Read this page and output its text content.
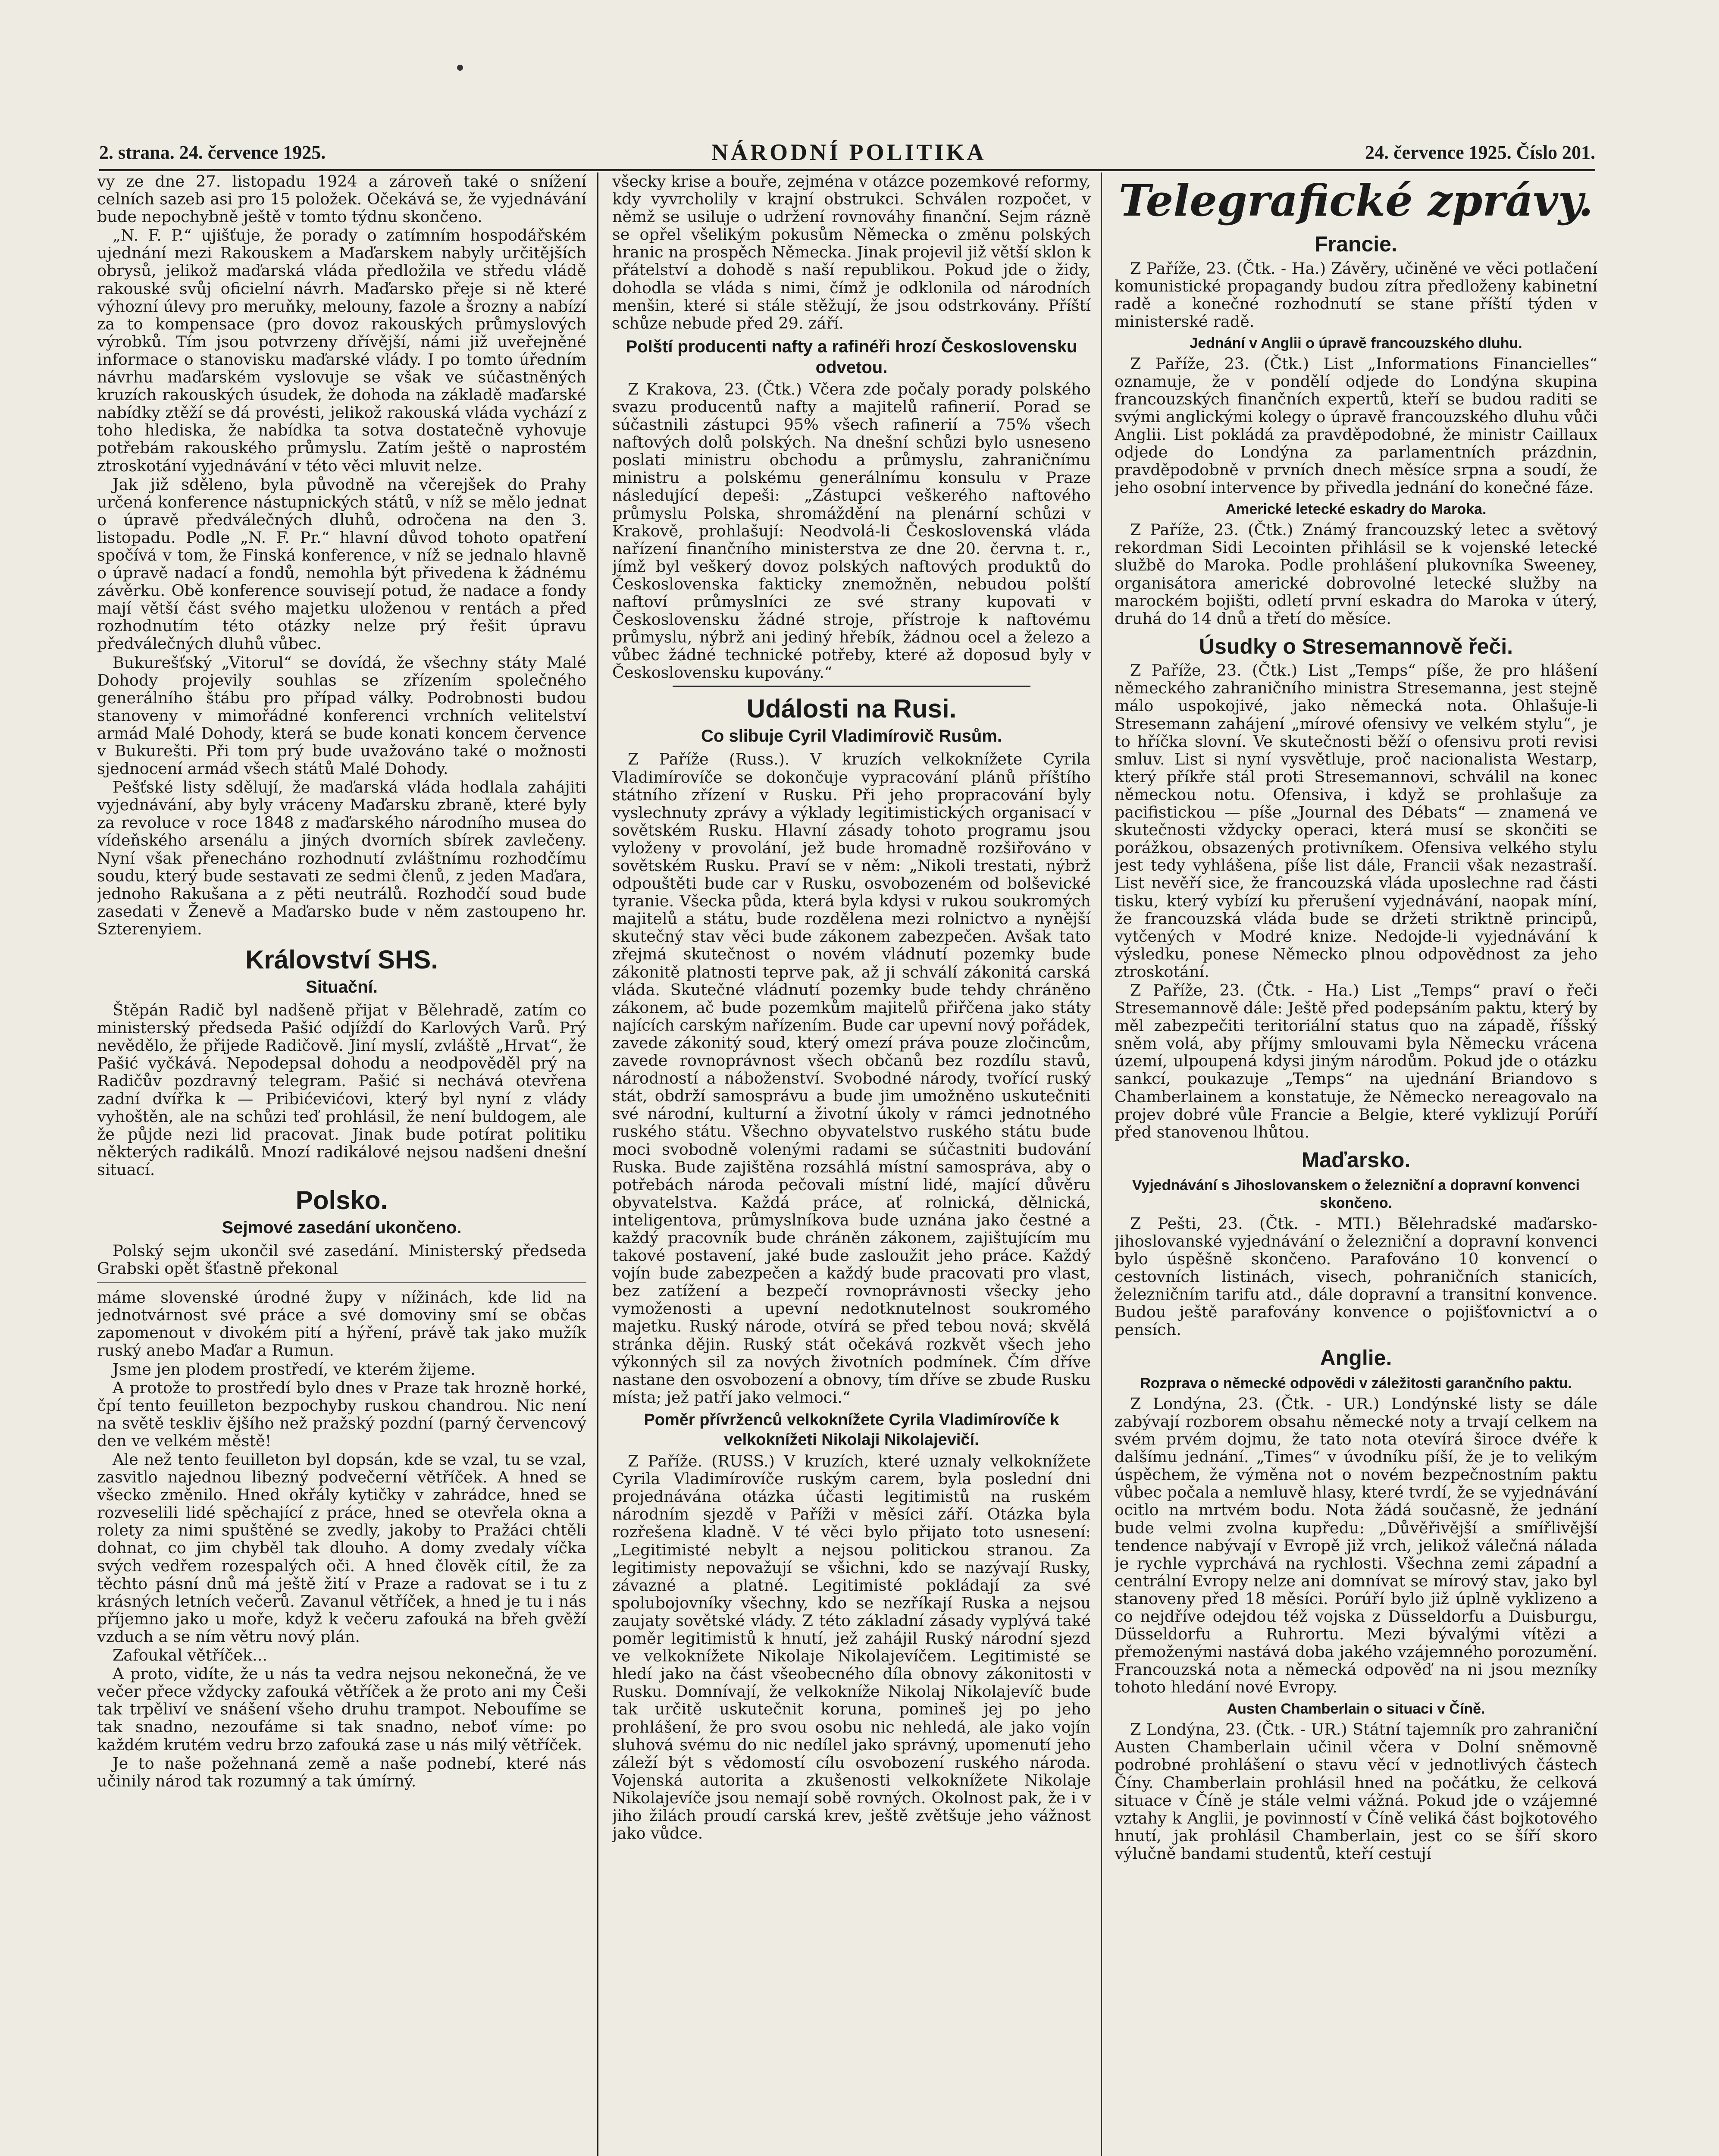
2. strana. 24. července 1925.	NÁRODNÍ POLITIKA	24. července 1925. Číslo 201.

vy ze dne 27. listopadu 1924 a zároveň také o snížení celních sazeb asi pro 15 položek. Očekává se, že vyjednávání bude nepochybně ještě v tomto týdnu skončeno.

„N. F. P.“ ujišťuje, že porady o zatímním hospodářském ujednání mezi Rakouskem a Maďarskem nabyly určitějších obrysů, jelikož maďarská vláda předložila ve středu vládě rakouské svůj oficielní návrh. Maďarsko přeje si ně které výhozní úlevy pro meruňky, melouny, fazole a šrozny a nabízí za to kompensace (pro dovoz rakouských průmyslových výrobků. Tím jsou potvrzeny dřívější, námi již uveřejněné informace o stanovisku maďarské vlády. I po tomto úředním návrhu maďarském vyslovuje se však ve súčastněných kruzích rakouských úsudek, že dohoda na základě maďarské nabídky ztěží se dá provésti, jelikož rakouská vláda vychází z toho hlediska, že nabídka ta sotva dostatečně vyhovuje potřebám rakouského průmyslu. Zatím ještě o naprostém ztroskotání vyjednávání v této věci mluvit nelze.

Jak již sděleno, byla původně na včerejšek do Prahy určená konference nástupnických států, v níž se mělo jednat o úpravě předválečných dluhů, odročena na den 3. listopadu. Podle „N. F. Pr.“ hlavní důvod tohoto opatření spočívá v tom, že Finská konference, v níž se jednalo hlavně o úpravě nadací a fondů, nemohla být přivedena k žádnému závěrku. Obě konference souvisejí potud, že nadace a fondy mají větší část svého majetku uloženou v rentách a před rozhodnutím této otázky nelze prý řešit úpravu předválečných dluhů vůbec.

Bukurešťský „Vitorul“ se dovídá, že všechny státy Malé Dohody projevily souhlas se zřízením společného generálního štábu pro případ války. Podrobnosti budou stanoveny v mimořádné konferenci vrchních velitelství armád Malé Dohody, která se bude konati koncem července v Bukurešti. Při tom prý bude uvažováno také o možnosti sjednocení armád všech států Malé Dohody.

Pešťské listy sdělují, že maďarská vláda hodlala zahájiti vyjednávání, aby byly vráceny Maďarsku zbraně, které byly za revoluce v roce 1848 z maďarského národního musea do vídeňského arsenálu a jiných dvorních sbírek zavlečeny. Nyní však přenecháno rozhodnutí zvláštnímu rozhodčímu soudu, který bude sestavati ze sedmi členů, z jeden Maďara, jednoho Rakušana a z pěti neutrálů. Rozhodčí soud bude zasedati v Ženevě a Maďarsko bude v něm zastoupeno hr. Szterenyiem.

Království SHS.
Situační.

Štěpán Radič byl nadšeně přijat v Bělehradě, zatím co ministerský předseda Pašić odjíždí do Karlových Varů. Prý nevědělo, že přijede Radičově. Jiní myslí, zvláště „Hrvat“, že Pašić vyčkává. Nepodepsal dohodu a neodpověděl prý na Radičův pozdravný telegram. Pašić si nechává otevřena zadní dvířka k — Pribićevićovi, který byl nyní z vlády vyhoštěn, ale na schůzi teď prohlásil, že není buldogem, ale že půjde nezi lid pracovat. Jinak bude potírat politiku některých radikálů. Mnozí radikálové nejsou nadšeni dnešní situací.

Polsko.
Sejmové zasedání ukončeno.

Polský sejm ukončil své zasedání. Ministerský předseda Grabski opět šťastně překonal

máme slovenské úrodné župy v nížinách, kde lid na jednotvárnost své práce a své domoviny smí se občas zapomenout v divokém pití a hýření, právě tak jako mužík ruský anebo Maďar a Rumun.

Jsme jen plodem prostředí, ve kterém žijeme.

A protože to prostředí bylo dnes v Praze tak hrozně horké, čpí tento feuilleton bezpochyby ruskou chandrou. Nic není na světě teskliv ějšího než pražský pozdní (parný červencový den ve velkém městě!

Ale než tento feuilleton byl dopsán, kde se vzal, tu se vzal, zasvitlo najednou libezný podvečerní větříček. A hned se všecko změnilo. Hned okřály kytičky v zahrádce, hned se rozveselili lidé spěchající z práce, hned se otevřela okna a rolety za nimi spuštěné se zvedly, jakoby to Pražáci chtěli dohnat, co jim chyběl tak dlouho. A domy zvedaly víčka svých vedřem rozespalých oči. A hned člověk cítil, že za těchto pásní dnů má ještě žití v Praze a radovat se i tu z krásných letních večerů. Zavanul větříček, a hned je tu i nás příjemno jako u moře, když k večeru zafouká na břeh gvěží vzduch a se ním větru nový plán.

Zafoukal větříček...

A proto, vidíte, že u nás ta vedra nejsou nekonečná, že ve večer přece vždycky zafouká větříček a že proto ani my Češi tak trpěliví ve snášení všeho druhu trampot. Neboufíme se tak snadno, nezoufáme si tak snadno, neboť víme: po každém krutém vedru brzo zafouká zase u nás milý větříček.

Je to naše požehnaná země a naše podnebí, které nás učinily národ tak rozumný a tak úmírný.

všecky krise a bouře, zejména v otázce pozemkové reformy, kdy vyvrcholily v krajní obstrukci. Schválen rozpočet, v němž se usiluje o udržení rovnováhy finanční. Sejm rázně se opřel všelikým pokusům Německa o změnu polských hranic na prospěch Německa. Jinak projevil již větší sklon k přátelství a dohodě s naší republikou. Pokud jde o židy, dohodla se vláda s nimi, čímž je odklonila od národních menšin, které si stále stěžují, že jsou odstrkovány. Příští schůze nebude před 29. září.

Polští producenti nafty a rafinéři hrozí Československu odvetou.

Z Krakova, 23. (Čtk.) Včera zde počaly porady polského svazu producentů nafty a majitelů rafinerií. Porad se súčastnili zástupci 95% všech rafinerií a 75% všech naftových dolů polských. Na dnešní schůzi bylo usneseno poslati ministru obchodu a průmyslu, zahraničnímu ministru a polskému generálnímu konsulu v Praze následující depeši: „Zástupci veškerého naftového průmyslu Polska, shromáždění na plenární schůzi v Krakově, prohlašují: Neodvolá-li Československá vláda nařízení finančního ministerstva ze dne 20. června t. r., jímž byl veškerý dovoz polských naftových produktů do Československa fakticky znemožněn, nebudou polští naftoví průmyslníci ze své strany kupovati v Československu žádné stroje, přístroje k naftovému průmyslu, nýbrž ani jediný hřebík, žádnou ocel a železo a vůbec žádné technické potřeby, které až doposud byly v Československu kupovány.“

Události na Rusi.
Co slibuje Cyril Vladimírovič Rusům.

Z Paříže (Russ.). V kruzích velkoknížete Cyrila Vladimírovíče se dokončuje vypracování plánů příštího státního zřízení v Rusku. Při jeho propracování byly vyslechnuty zprávy a výklady legitimistických organisací v sovětském Rusku. Hlavní zásady tohoto programu jsou vyloženy v provolání, jež bude hromadně rozšiřováno v sovětském Rusku. Praví se v něm: „Nikoli trestati, nýbrž odpouštěti bude car v Rusku, osvobozeném od bolševické tyranie. Všecka půda, která byla kdysi v rukou soukromých majitelů a státu, bude rozdělena mezi rolnictvo a nynější skutečný stav věci bude zákonem zabezpečen. Avšak tato zřejmá skutečnost o novém vládnutí pozemky bude zákonitě platnosti teprve pak, až ji schválí zákonitá carská vláda. Skutečné vládnutí pozemky bude tehdy chráněno zákonem, ač bude pozemkům majitelů přiřčena jako státy najících carským nařízením. Bude car upevní nový pořádek, zavede zákonitý soud, který omezí práva pouze zločincům, zavede rovnoprávnost všech občanů bez rozdílu stavů, národností a náboženství. Svobodné národy, tvořící ruský stát, obdrží samosprávu a bude jim umožněno uskutečniti své národní, kulturní a životní úkoly v rámci jednotného ruského státu. Všechno obyvatelstvo ruského státu bude moci svobodně volenými radami se súčastniti budování Ruska. Bude zajištěna rozsáhlá místní samospráva, aby o potřebách národa pečovali místní lidé, mající důvěru obyvatelstva. Každá práce, ať rolnická, dělnická, inteligentova, průmyslníkova bude uznána jako čestné a každý pracovník bude chráněn zákonem, zajištujícím mu takové postavení, jaké bude zasloužit jeho práce. Každý vojín bude zabezpečen a každý bude pracovati pro vlast, bez zatížení a bezpečí rovnoprávnosti všecky jeho vymoženosti a upevní nedotknutelnost soukromého majetku. Ruský národe, otvírá se před tebou nová; skvělá stránka dějin. Ruský stát očekává rozkvět všech jeho výkonných sil za nových životních podmínek. Čím dříve nastane den osvobození a obnovy, tím dříve se zbude Rusku místa; jež patří jako velmoci.“

Poměr přívrženců velkoknížete Cyrila Vladimírovíče k velkoknížeti Nikolaji Nikolajevičí.

Z Paříže. (RUSS.) V kruzích, které uznaly velkoknížete Cyrila Vladimírovíče ruským carem, byla poslední dni projednávána otázka účasti legitimistů na ruském národním sjezdě v Paříži v měsíci září. Otázka byla rozřešena kladně. V té věci bylo přijato toto usnesení: „Legitimisté nebylt a nejsou politickou stranou. Za legitimisty nepovažují se všichni, kdo se nazývají Rusky, závazné a platné. Legitimisté pokládají za své spolubojovníky všechny, kdo se nezříkají Ruska a nejsou zaujaty sovětské vlády. Z této základní zásady vyplývá také poměr legitimistů k hnutí, jež zahájil Ruský národní sjezd ve velkoknížete Nikolaje Nikolajevíčem. Legitimisté se hledí jako na část všeobecného díla obnovy zákonitosti v Rusku. Domnívají, že velkokníže Nikolaj Nikolajevíč bude tak určitě uskutečnit koruna, pomineš jej po jeho prohlášení, že pro svou osobu nic nehledá, ale jako vojín sluhová svému do nic nedílel jako správný, upomenutí jeho záleží být s vědomostí cílu osvobození ruského národa. Vojenská autorita a zkušenosti velkoknížete Nikolaje Nikolajevíče jsou nemají sobě rovných. Okolnost pak, že i v jiho žilách proudí carská krev, ještě zvětšuje jeho vážnost jako vůdce.

Telegrafické zprávy.
Francie.

Z Paříže, 23. (Čtk. - Ha.) Závěry, učiněné ve věci potlačení komunistické propagandy budou zítra předloženy kabinetní radě a konečné rozhodnutí se stane příští týden v ministerské radě.

Jednání v Anglii o úpravě francouzského dluhu.

Z Paříže, 23. (Čtk.) List „Informations Financielles“ oznamuje, že v pondělí odjede do Londýna skupina francouzských finančních expertů, kteří se budou raditi se svými anglickými kolegy o úpravě francouzského dluhu vůči Anglii. List pokládá za pravděpodobné, že ministr Caillaux odjede do Londýna za parlamentních prázdnin, pravděpodobně v prvních dnech měsíce srpna a soudí, že jeho osobní intervence by přivedla jednání do konečné fáze.

Americké letecké eskadry do Maroka.

Z Paříže, 23. (Čtk.) Známý francouzský letec a světový rekordman Sidi Lecointen přihlásil se k vojenské letecké službě do Maroka. Podle prohlášení plukovníka Sweeney, organisátora americké dobrovolné letecké služby na marockém bojišti, odletí první eskadra do Maroka v úterý, druhá do 14 dnů a třetí do měsíce.

Úsudky o Stresemannově řeči.

Z Paříže, 23. (Čtk.) List „Temps“ píše, že pro hlášení německého zahraničního ministra Stresemanna, jest stejně málo uspokojivé, jako německá nota. Ohlašuje-li Stresemann zahájení „mírové ofensivy ve velkém stylu“, je to hříčka slovní. Ve skutečnosti běží o ofensivu proti revisi smluv. List si nyní vysvětluje, proč nacionalista Westarp, který příkře stál proti Stresemannovi, schválil na konec německou notu. Ofensiva, i když se prohlašuje za pacifistickou — píše „Journal des Débats“ — znamená ve skutečnosti vždycky operaci, která musí se skončiti se porážkou, obsazených protivníkem. Ofensiva velkého stylu jest tedy vyhlášena, píše list dále, Francii však nezastraší. List nevěří sice, že francouzská vláda uposlechne rad části tisku, který vybízí ku přerušení vyjednávání, naopak míní, že francouzská vláda bude se držeti striktně principů, vytčených v Modré knize. Nedojde-li vyjednávání k výsledku, ponese Německo plnou odpovědnost za jeho ztroskotání.

Z Paříže, 23. (Čtk. - Ha.) List „Temps“ praví o řeči Stresemannově dále: Ještě před podepsáním paktu, který by měl zabezpečiti teritoriální status quo na západě, říšský sněm volá, aby příjmy smlouvami byla Německu vrácena území, ulpoupená kdysi jiným národům. Pokud jde o otázku sankcí, poukazuje „Temps“ na ujednání Briandovo s Chamberlainem a konstatuje, že Německo nereagovalo na projev dobré vůle Francie a Belgie, které vyklizují Porúří před stanovenou lhůtou.

Maďarsko.
Vyjednávání s Jihoslovanskem o železniční a dopravní konvenci skončeno.

Z Pešti, 23. (Čtk. - MTI.) Bělehradské maďarsko-jihoslovanské vyjednávání o železniční a dopravní konvenci bylo úspěšně skončeno. Parafováno 10 konvencí o cestovních listinách, visech, pohraničních stanicích, železničním tarifu atd., dále dopravní a transitní konvence. Budou ještě parafovány konvence o pojišťovnictví a o pensích.

Anglie.
Rozprava o německé odpovědi v záležitosti garančního paktu.

Z Londýna, 23. (Čtk. - UR.) Londýnské listy se dále zabývají rozborem obsahu německé noty a trvají celkem na svém prvém dojmu, že tato nota otevírá široce dvéře k dalšímu jednání. „Times“ v úvodníku píší, že je to velikým úspěchem, že výměna not o novém bezpečnostním paktu vůbec počala a nemluvě hlasy, které tvrdí, že se vyjednávání ocitlo na mrtvém bodu. Nota žádá současně, že jednání bude velmi zvolna kupředu: „Důvěřivější a smířlivější tendence nabývají v Evropě již vrch, jelikož válečná nálada je rychle vyprchává na rychlosti. Všechna zemi západní a centrální Evropy nelze ani domnívat se mírový stav, jako byl stanoveny před 18 měsíci. Porúří bylo již úplně vyklizeno a co nejdříve odejdou též vojska z Düsseldorfu a Duisburgu, Düsseldorfu a Ruhrortu. Mezi bývalými vítězi a přemoženými nastává doba jakého vzájemného porozumění. Francouzská nota a německá odpověď na ni jsou mezníky tohoto hledání nové Evropy.

Austen Chamberlain o situaci v Číně.

Z Londýna, 23. (Čtk. - UR.) Státní tajemník pro zahraniční Austen Chamberlain učinil včera v Dolní sněmovně podrobné prohlášení o stavu věcí v jednotlivých částech Číny. Chamberlain prohlásil hned na počátku, že celková situace v Číně je stále velmi vážná. Pokud jde o vzájemné vztahy k Anglii, je povinností v Číně veliká část bojkotového hnutí, jak prohlásil Chamberlain, jest co se šíří skoro výlučně bandami studentů, kteří cestují
